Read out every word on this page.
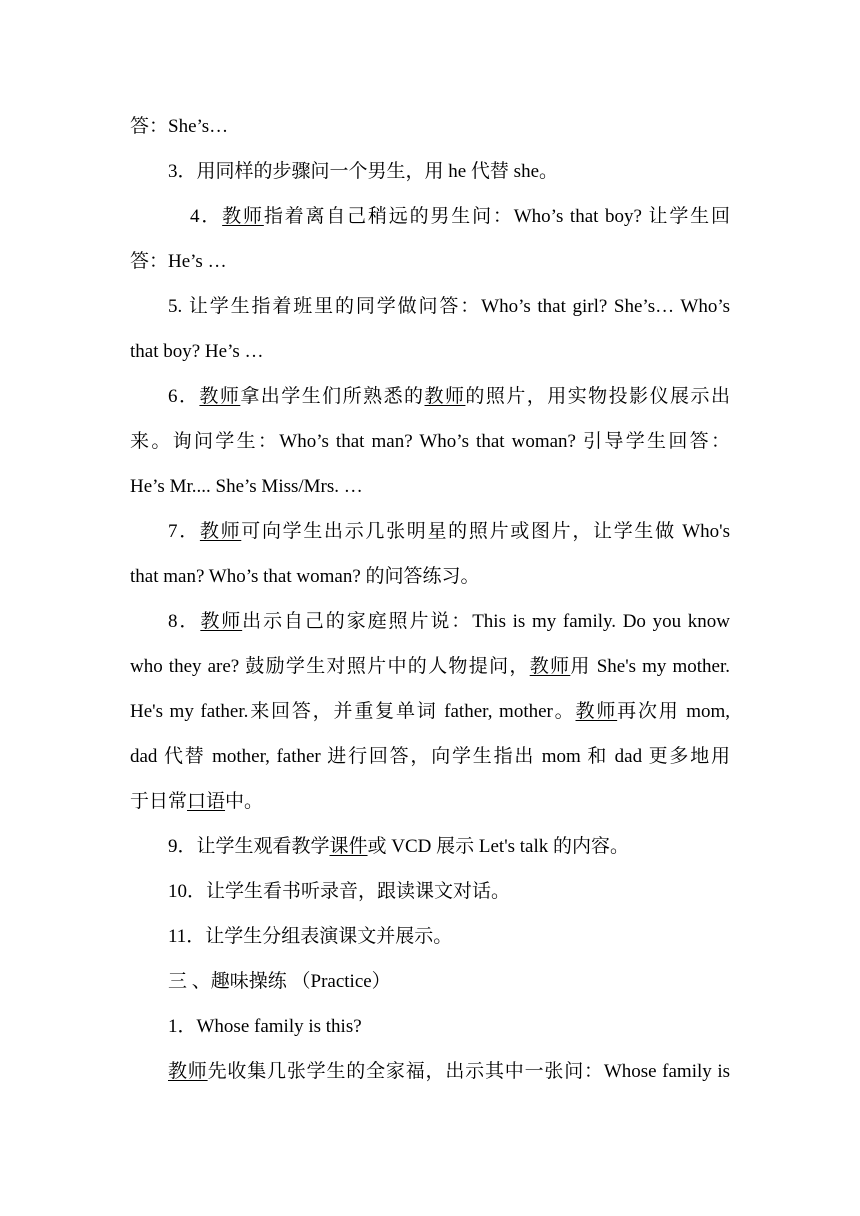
答：She’s…
3．用同样的步骤问一个男生，用 he 代替 she。
4．教师指着离自己稍远的男生问：Who’s that boy? 让学生回
答：He’s …
5. 让学生指着班里的同学做问答：Who’s that girl? She’s… Who’s
that boy? He’s …
6．教师拿出学生们所熟悉的教师的照片，用实物投影仪展示出
来。询问学生：Who’s that man? Who’s that woman? 引导学生回答：
He’s Mr.... She’s Miss/Mrs. …
7．教师可向学生出示几张明星的照片或图片，让学生做 Who's
that man? Who’s that woman? 的问答练习。
8．教师出示自己的家庭照片说：This is my family. Do you know
who they are? 鼓励学生对照片中的人物提问，教师用 She's my mother.
He's my father.来回答，并重复单词 father, mother。教师再次用 mom,
dad 代替 mother, father 进行回答，向学生指出 mom 和 dad 更多地用
于日常口语中。
9．让学生观看教学课件或 VCD 展示 Let's talk 的内容。
10．让学生看书听录音，跟读课文对话。
11．让学生分组表演课文并展示。
三 、趣味操练 （Practice）
1．Whose family is this?
教师先收集几张学生的全家福，出示其中一张问：Whose family is
